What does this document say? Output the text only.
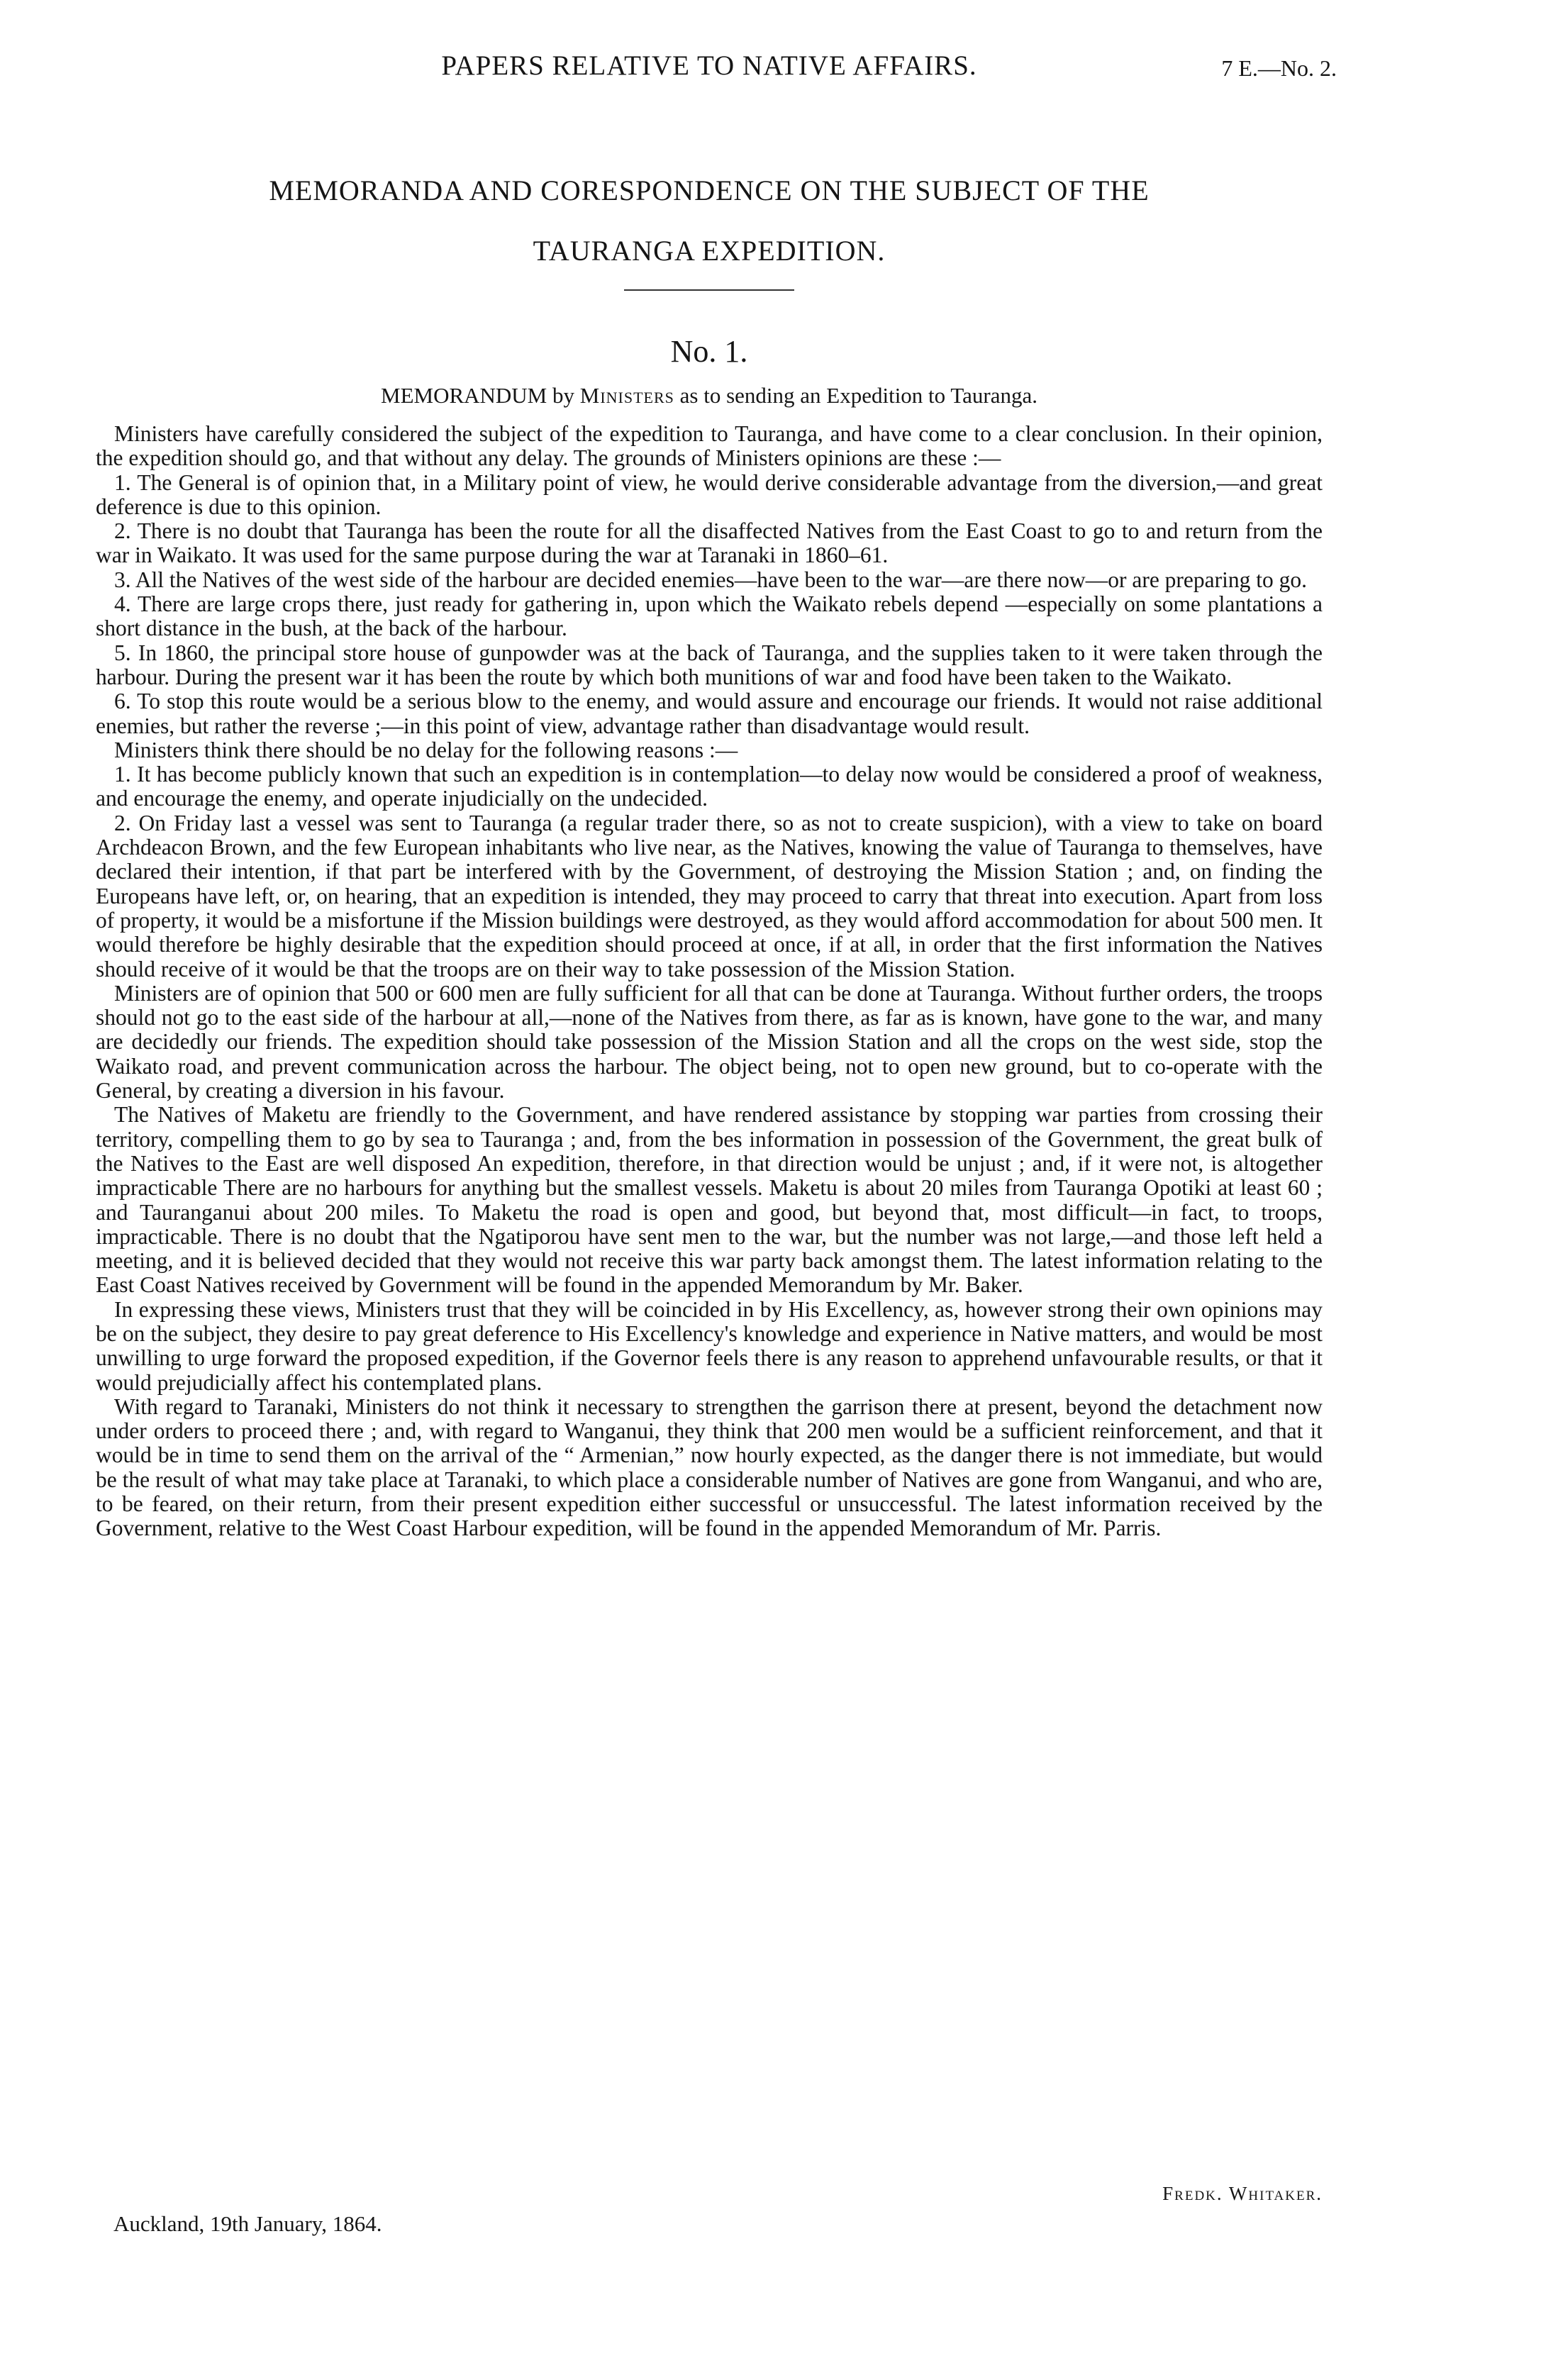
PAPERS RELATIVE TO NATIVE AFFAIRS.	7 E.—No. 2.
MEMORANDA AND CORESPONDENCE ON THE SUBJECT OF THE
TAURANGA EXPEDITION.
No. 1.
MEMORANDUM by Ministers as to sending an Expedition to Tauranga.

Ministers have carefully considered the subject of the expedition to Tauranga, and have come to a clear conclusion. In their opinion, the expedition should go, and that without any delay. The grounds of Ministers opinions are these :—

1. The General is of opinion that, in a Military point of view, he would derive considerable advantage from the diversion,—and great deference is due to this opinion.

2. There is no doubt that Tauranga has been the route for all the disaffected Natives from the East Coast to go to and return from the war in Waikato. It was used for the same purpose during the war at Taranaki in 1860–61.

3. All the Natives of the west side of the harbour are decided enemies—have been to the war—are there now—or are preparing to go.

4. There are large crops there, just ready for gathering in, upon which the Waikato rebels depend —especially on some plantations a short distance in the bush, at the back of the harbour.

5. In 1860, the principal store house of gunpowder was at the back of Tauranga, and the supplies taken to it were taken through the harbour. During the present war it has been the route by which both munitions of war and food have been taken to the Waikato.

6. To stop this route would be a serious blow to the enemy, and would assure and encourage our friends. It would not raise additional enemies, but rather the reverse ;—in this point of view, advantage rather than disadvantage would result.

Ministers think there should be no delay for the following reasons :—

1. It has become publicly known that such an expedition is in contemplation—to delay now would be considered a proof of weakness, and encourage the enemy, and operate injudicially on the undecided.

2. On Friday last a vessel was sent to Tauranga (a regular trader there, so as not to create suspicion), with a view to take on board Archdeacon Brown, and the few European inhabitants who live near, as the Natives, knowing the value of Tauranga to themselves, have declared their intention, if that part be interfered with by the Government, of destroying the Mission Station ; and, on finding the Europeans have left, or, on hearing, that an expedition is intended, they may proceed to carry that threat into execution. Apart from loss of property, it would be a misfortune if the Mission buildings were destroyed, as they would afford accommodation for about 500 men. It would therefore be highly desirable that the expedition should proceed at once, if at all, in order that the first information the Natives should receive of it would be that the troops are on their way to take possession of the Mission Station.

Ministers are of opinion that 500 or 600 men are fully sufficient for all that can be done at Tauranga. Without further orders, the troops should not go to the east side of the harbour at all,—none of the Natives from there, as far as is known, have gone to the war, and many are decidedly our friends. The expedition should take possession of the Mission Station and all the crops on the west side, stop the Waikato road, and prevent communication across the harbour. The object being, not to open new ground, but to co-operate with the General, by creating a diversion in his favour.

The Natives of Maketu are friendly to the Government, and have rendered assistance by stopping war parties from crossing their territory, compelling them to go by sea to Tauranga ; and, from the bes information in possession of the Government, the great bulk of the Natives to the East are well disposed An expedition, therefore, in that direction would be unjust ; and, if it were not, is altogether impracticable There are no harbours for anything but the smallest vessels. Maketu is about 20 miles from Tauranga Opotiki at least 60 ; and Tauranganui about 200 miles. To Maketu the road is open and good, but beyond that, most difficult—in fact, to troops, impracticable. There is no doubt that the Ngatiporou have sent men to the war, but the number was not large,—and those left held a meeting, and it is believed decided that they would not receive this war party back amongst them. The latest information relating to the East Coast Natives received by Government will be found in the appended Memorandum by Mr. Baker.

In expressing these views, Ministers trust that they will be coincided in by His Excellency, as, however strong their own opinions may be on the subject, they desire to pay great deference to His Excellency's knowledge and experience in Native matters, and would be most unwilling to urge forward the proposed expedition, if the Governor feels there is any reason to apprehend unfavourable results, or that it would prejudicially affect his contemplated plans.

With regard to Taranaki, Ministers do not think it necessary to strengthen the garrison there at present, beyond the detachment now under orders to proceed there ; and, with regard to Wanganui, they think that 200 men would be a sufficient reinforcement, and that it would be in time to send them on the arrival of the “ Armenian,” now hourly expected, as the danger there is not immediate, but would be the result of what may take place at Taranaki, to which place a considerable number of Natives are gone from Wanganui, and who are, to be feared, on their return, from their present expedition either successful or unsuccessful. The latest information received by the Government, relative to the West Coast Harbour expedition, will be found in the appended Memorandum of Mr. Parris.

Fredk. Whitaker.
Auckland, 19th January, 1864.
